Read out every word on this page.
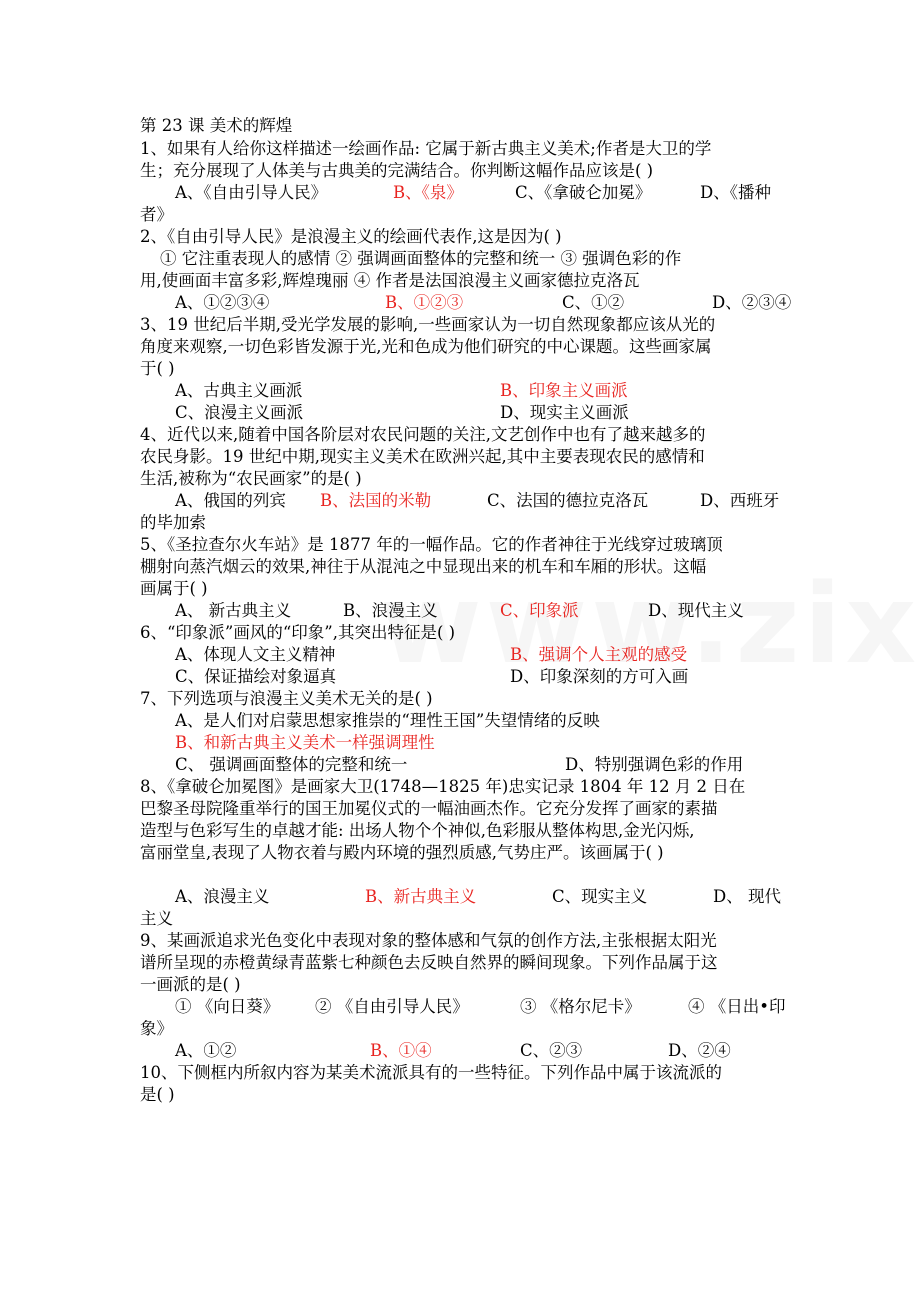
第 23 课 美术的辉煌
1、如果有人给你这样描述一绘画作品: 它属于新古典主义美术;作者是大卫的学
生；充分展现了人体美与古典美的完满结合。你判断这幅作品应该是( )
A、《自由引导人民》	B、《泉》	C、《拿破仑加冕》	D、《播种
者》
2、《自由引导人民》是浪漫主义的绘画代表作,这是因为( )
① 它注重表现人的感情 ② 强调画面整体的完整和统一 ③ 强调色彩的作
用,使画面丰富多彩,辉煌瑰丽 ④ 作者是法国浪漫主义画家德拉克洛瓦
A、①②③④	B、①②③	C、①②	D、②③④
3、19 世纪后半期,受光学发展的影响,一些画家认为一切自然现象都应该从光的
角度来观察,一切色彩皆发源于光,光和色成为他们研究的中心课题。这些画家属
于( )
A、古典主义画派	B、印象主义画派
C、浪漫主义画派	D、现实主义画派
4、近代以来,随着中国各阶层对农民问题的关注,文艺创作中也有了越来越多的
农民身影。19 世纪中期,现实主义美术在欧洲兴起,其中主要表现农民的感情和
生活,被称为“农民画家”的是( )
A、俄国的列宾 B、法国的米勒	C、法国的德拉克洛瓦	D、西班牙
的毕加索
5、《圣拉查尔火车站》是 1877 年的一幅作品。它的作者神往于光线穿过玻璃顶
棚射向蒸汽烟云的效果,神往于从混沌之中显现出来的机车和车厢的形状。这幅
画属于( )
A、 新古典主义	B、浪漫主义	C、印象派	D、现代主义
6、“印象派”画风的“印象”,其突出特征是( )
A、体现人文主义精神	B、强调个人主观的感受
C、保证描绘对象逼真	D、印象深刻的方可入画
7、下列选项与浪漫主义美术无关的是( )
A、是人们对启蒙思想家推崇的“理性王国”失望情绪的反映
B、和新古典主义美术一样强调理性
C、 强调画面整体的完整和统一	D、特别强调色彩的作用
8、《拿破仑加冕图》是画家大卫(1748—1825 年)忠实记录 1804 年 12 月 2 日在
巴黎圣母院隆重举行的国王加冕仪式的一幅油画杰作。它充分发挥了画家的素描
造型与色彩写生的卓越才能: 出场人物个个神似,色彩服从整体构思,金光闪烁,
富丽堂皇,表现了人物衣着与殿内环境的强烈质感,气势庄严。该画属于( )
A、浪漫主义	B、新古典主义	C、现实主义	D、 现代
主义
9、某画派追求光色变化中表现对象的整体感和气氛的创作方法,主张根据太阳光
谱所呈现的赤橙黄绿青蓝紫七种颜色去反映自然界的瞬间现象。下列作品属于这
一画派的是( )
① 《向日葵》 ② 《自由引导人民》	③ 《格尔尼卡》	④ 《日出•印
象》
A、①②	B、①④	C、②③	D、②④
10、下侧框内所叙内容为某美术流派具有的一些特征。下列作品中属于该流派的
是( )
